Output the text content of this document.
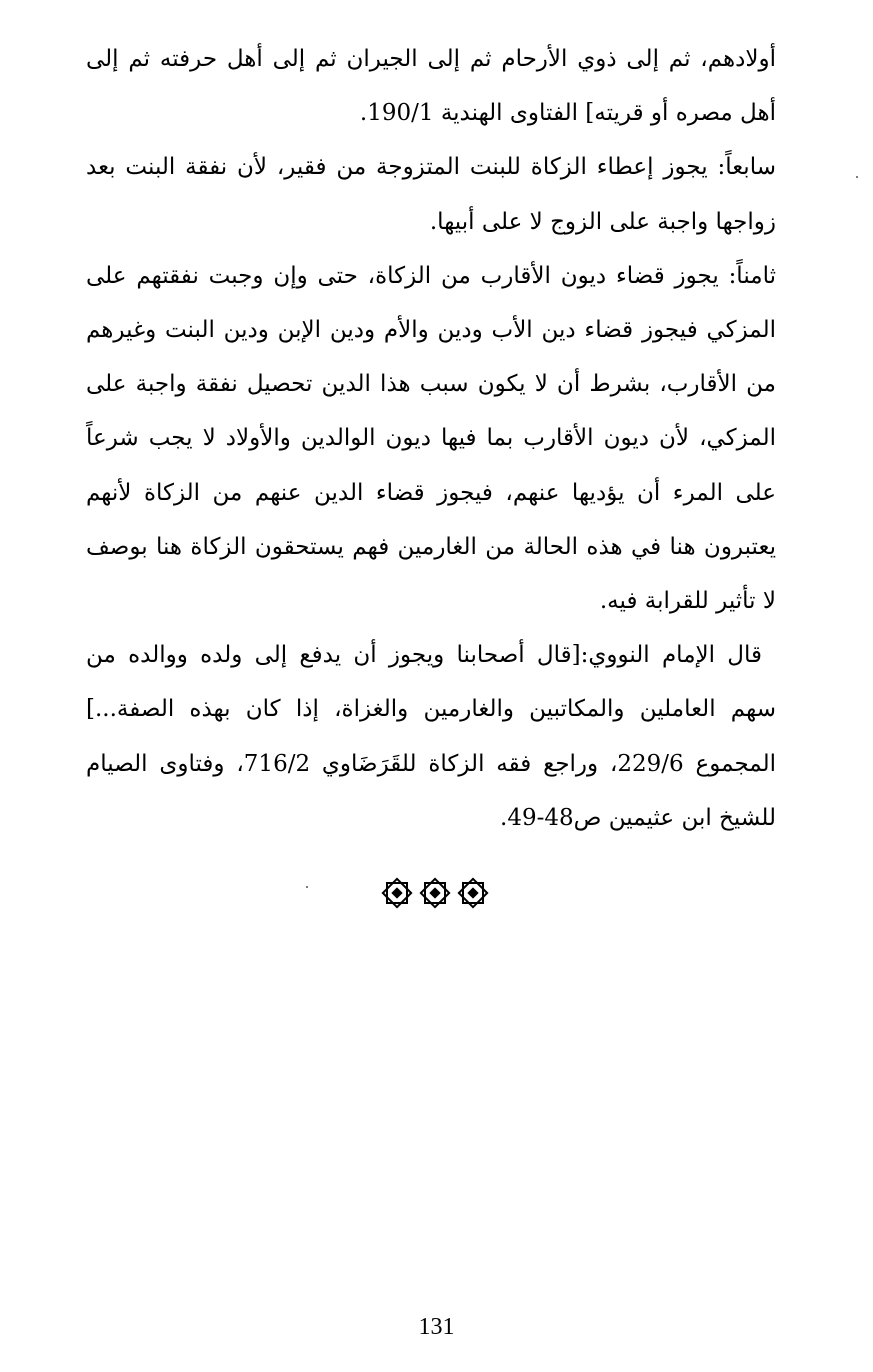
أولادهم، ثم إلى ذوي الأرحام ثم إلى الجيران ثم إلى أهل حرفته ثم إلى أهل مصره أو قريته] الفتاوى الهندية 190/1.

سابعاً: يجوز إعطاء الزكاة للبنت المتزوجة من فقير، لأن نفقة البنت بعد زواجها واجبة على الزوج لا على أبيها.

ثامناً: يجوز قضاء ديون الأقارب من الزكاة، حتى وإن وجبت نفقتهم على المزكي فيجوز قضاء دين الأب ودين والأم ودين الإبن ودين البنت وغيرهم من الأقارب، بشرط أن لا يكون سبب هذا الدين تحصيل نفقة واجبة على المزكي، لأن ديون الأقارب بما فيها ديون الوالدين والأولاد لا يجب شرعاً على المرء أن يؤديها عنهم، فيجوز قضاء الدين عنهم من الزكاة لأنهم يعتبرون هنا في هذه الحالة من الغارمين فهم يستحقون الزكاة هنا بوصف لا تأثير للقرابة فيه.

قال الإمام النووي:[قال أصحابنا ويجوز أن يدفع إلى ولده ووالده من سهم العاملين والمكاتبين والغارمين والغزاة، إذا كان بهذه الصفة...] المجموع 229/6، وراجع فقه الزكاة للقَرَضَاوي 716/2، وفتاوى الصيام للشيخ ابن عثيمين ص48-49.

131
